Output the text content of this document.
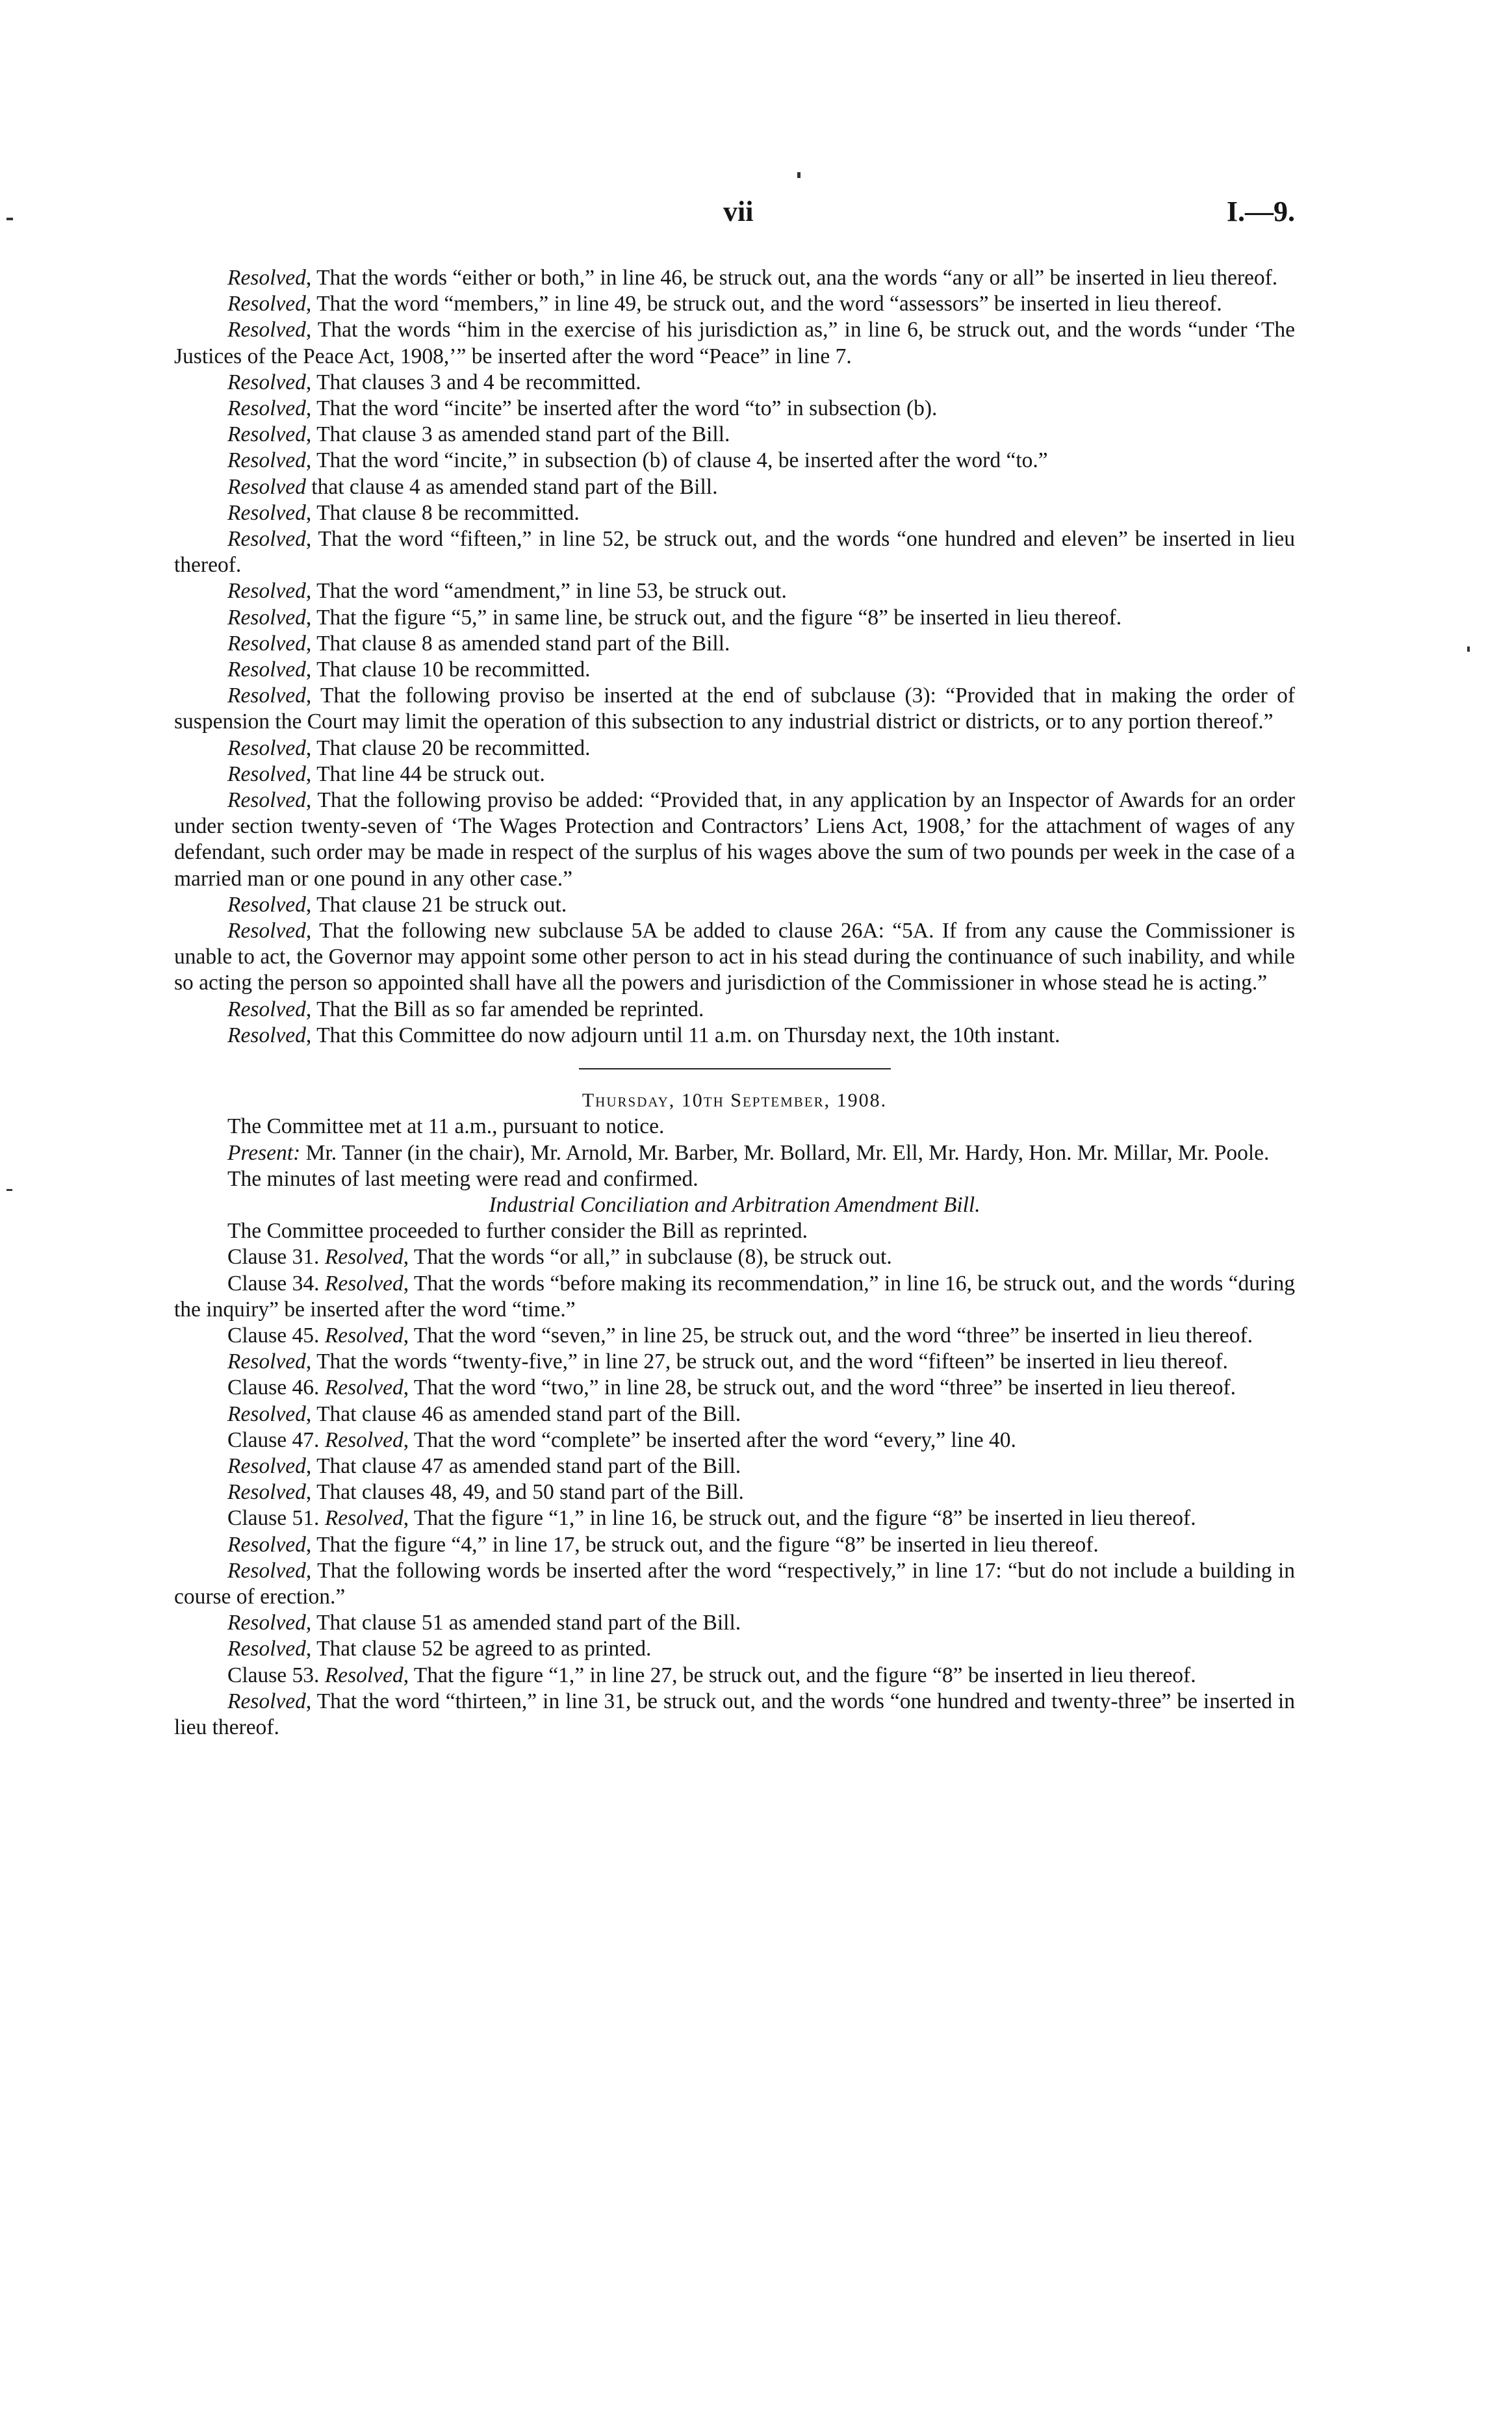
vii	I.—9.

Resolved, That the words “either or both,” in line 46, be struck out, ana the words “any or all” be inserted in lieu thereof.

Resolved, That the word “members,” in line 49, be struck out, and the word “assessors” be inserted in lieu thereof.

Resolved, That the words “him in the exercise of his jurisdiction as,” in line 6, be struck out, and the words “under ‘The Justices of the Peace Act, 1908,’” be inserted after the word “Peace” in line 7.

Resolved, That clauses 3 and 4 be recommitted.

Resolved, That the word “incite” be inserted after the word “to” in subsection (b).

Resolved, That clause 3 as amended stand part of the Bill.

Resolved, That the word “incite,” in subsection (b) of clause 4, be inserted after the word “to.”

Resolved that clause 4 as amended stand part of the Bill.

Resolved, That clause 8 be recommitted.

Resolved, That the word “fifteen,” in line 52, be struck out, and the words “one hundred and eleven” be inserted in lieu thereof.

Resolved, That the word “amendment,” in line 53, be struck out.

Resolved, That the figure “5,” in same line, be struck out, and the figure “8” be inserted in lieu thereof.

Resolved, That clause 8 as amended stand part of the Bill.

Resolved, That clause 10 be recommitted.

Resolved, That the following proviso be inserted at the end of subclause (3): “Provided that in making the order of suspension the Court may limit the operation of this subsection to any industrial district or districts, or to any portion thereof.”

Resolved, That clause 20 be recommitted.

Resolved, That line 44 be struck out.

Resolved, That the following proviso be added: “Provided that, in any application by an Inspector of Awards for an order under section twenty-seven of ‘The Wages Protection and Contractors’ Liens Act, 1908,’ for the attachment of wages of any defendant, such order may be made in respect of the surplus of his wages above the sum of two pounds per week in the case of a married man or one pound in any other case.”

Resolved, That clause 21 be struck out.

Resolved, That the following new subclause 5A be added to clause 26A: “5A. If from any cause the Commissioner is unable to act, the Governor may appoint some other person to act in his stead during the continuance of such inability, and while so acting the person so appointed shall have all the powers and jurisdiction of the Commissioner in whose stead he is acting.”

Resolved, That the Bill as so far amended be reprinted.

Resolved, That this Committee do now adjourn until 11 a.m. on Thursday next, the 10th instant.

Thursday, 10th September, 1908.

The Committee met at 11 a.m., pursuant to notice.

Present: Mr. Tanner (in the chair), Mr. Arnold, Mr. Barber, Mr. Bollard, Mr. Ell, Mr. Hardy, Hon. Mr. Millar, Mr. Poole.

The minutes of last meeting were read and confirmed.

Industrial Conciliation and Arbitration Amendment Bill.

The Committee proceeded to further consider the Bill as reprinted.

Clause 31. Resolved, That the words “or all,” in subclause (8), be struck out.

Clause 34. Resolved, That the words “before making its recommendation,” in line 16, be struck out, and the words “during the inquiry” be inserted after the word “time.”

Clause 45. Resolved, That the word “seven,” in line 25, be struck out, and the word “three” be inserted in lieu thereof.

Resolved, That the words “twenty-five,” in line 27, be struck out, and the word “fifteen” be inserted in lieu thereof.

Clause 46. Resolved, That the word “two,” in line 28, be struck out, and the word “three” be inserted in lieu thereof.

Resolved, That clause 46 as amended stand part of the Bill.

Clause 47. Resolved, That the word “complete” be inserted after the word “every,” line 40.

Resolved, That clause 47 as amended stand part of the Bill.

Resolved, That clauses 48, 49, and 50 stand part of the Bill.

Clause 51. Resolved, That the figure “1,” in line 16, be struck out, and the figure “8” be inserted in lieu thereof.

Resolved, That the figure “4,” in line 17, be struck out, and the figure “8” be inserted in lieu thereof.

Resolved, That the following words be inserted after the word “respectively,” in line 17: “but do not include a building in course of erection.”

Resolved, That clause 51 as amended stand part of the Bill.

Resolved, That clause 52 be agreed to as printed.

Clause 53. Resolved, That the figure “1,” in line 27, be struck out, and the figure “8” be inserted in lieu thereof.

Resolved, That the word “thirteen,” in line 31, be struck out, and the words “one hundred and twenty-three” be inserted in lieu thereof.
